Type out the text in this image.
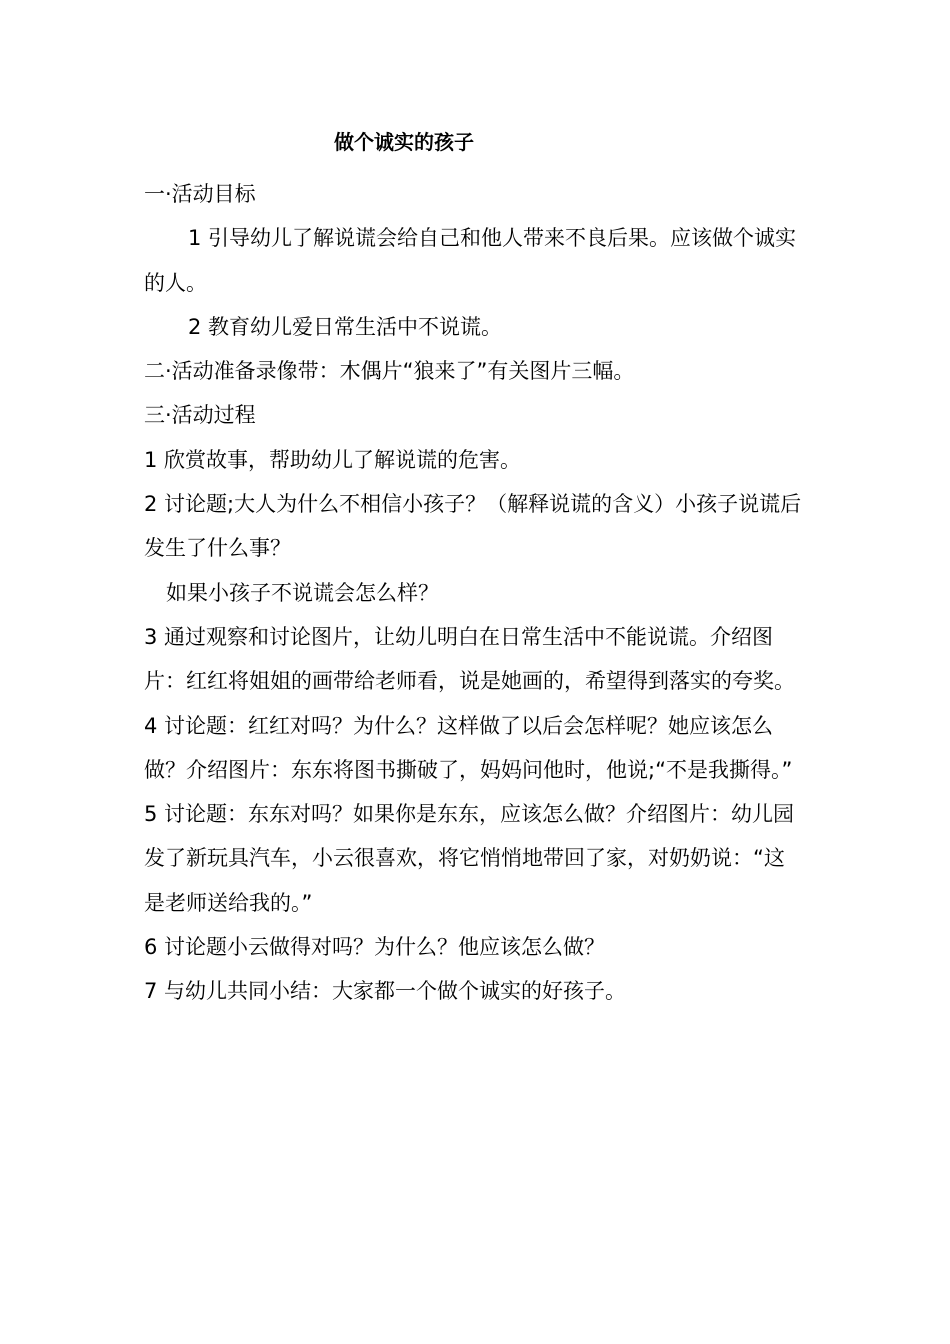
做个诚实的孩子

一·活动目标

1 引导幼儿了解说谎会给自己和他人带来不良后果。应该做个诚实的人。

2 教育幼儿爱日常生活中不说谎。

二·活动准备录像带：木偶片“狼来了”有关图片三幅。

三·活动过程

1 欣赏故事，帮助幼儿了解说谎的危害。

2 讨论题;大人为什么不相信小孩子？（解释说谎的含义）小孩子说谎后发生了什么事？

如果小孩子不说谎会怎么样？

3 通过观察和讨论图片，让幼儿明白在日常生活中不能说谎。介绍图片：红红将姐姐的画带给老师看，说是她画的，希望得到落实的夸奖。

4 讨论题：红红对吗？为什么？这样做了以后会怎样呢？她应该怎么做？介绍图片：东东将图书撕破了，妈妈问他时，他说;“不是我撕得。”

5 讨论题：东东对吗？如果你是东东，应该怎么做？介绍图片：幼儿园发了新玩具汽车，小云很喜欢，将它悄悄地带回了家，对奶奶说：“这是老师送给我的。”

6 讨论题小云做得对吗？为什么？他应该怎么做？

7 与幼儿共同小结：大家都一个做个诚实的好孩子。
